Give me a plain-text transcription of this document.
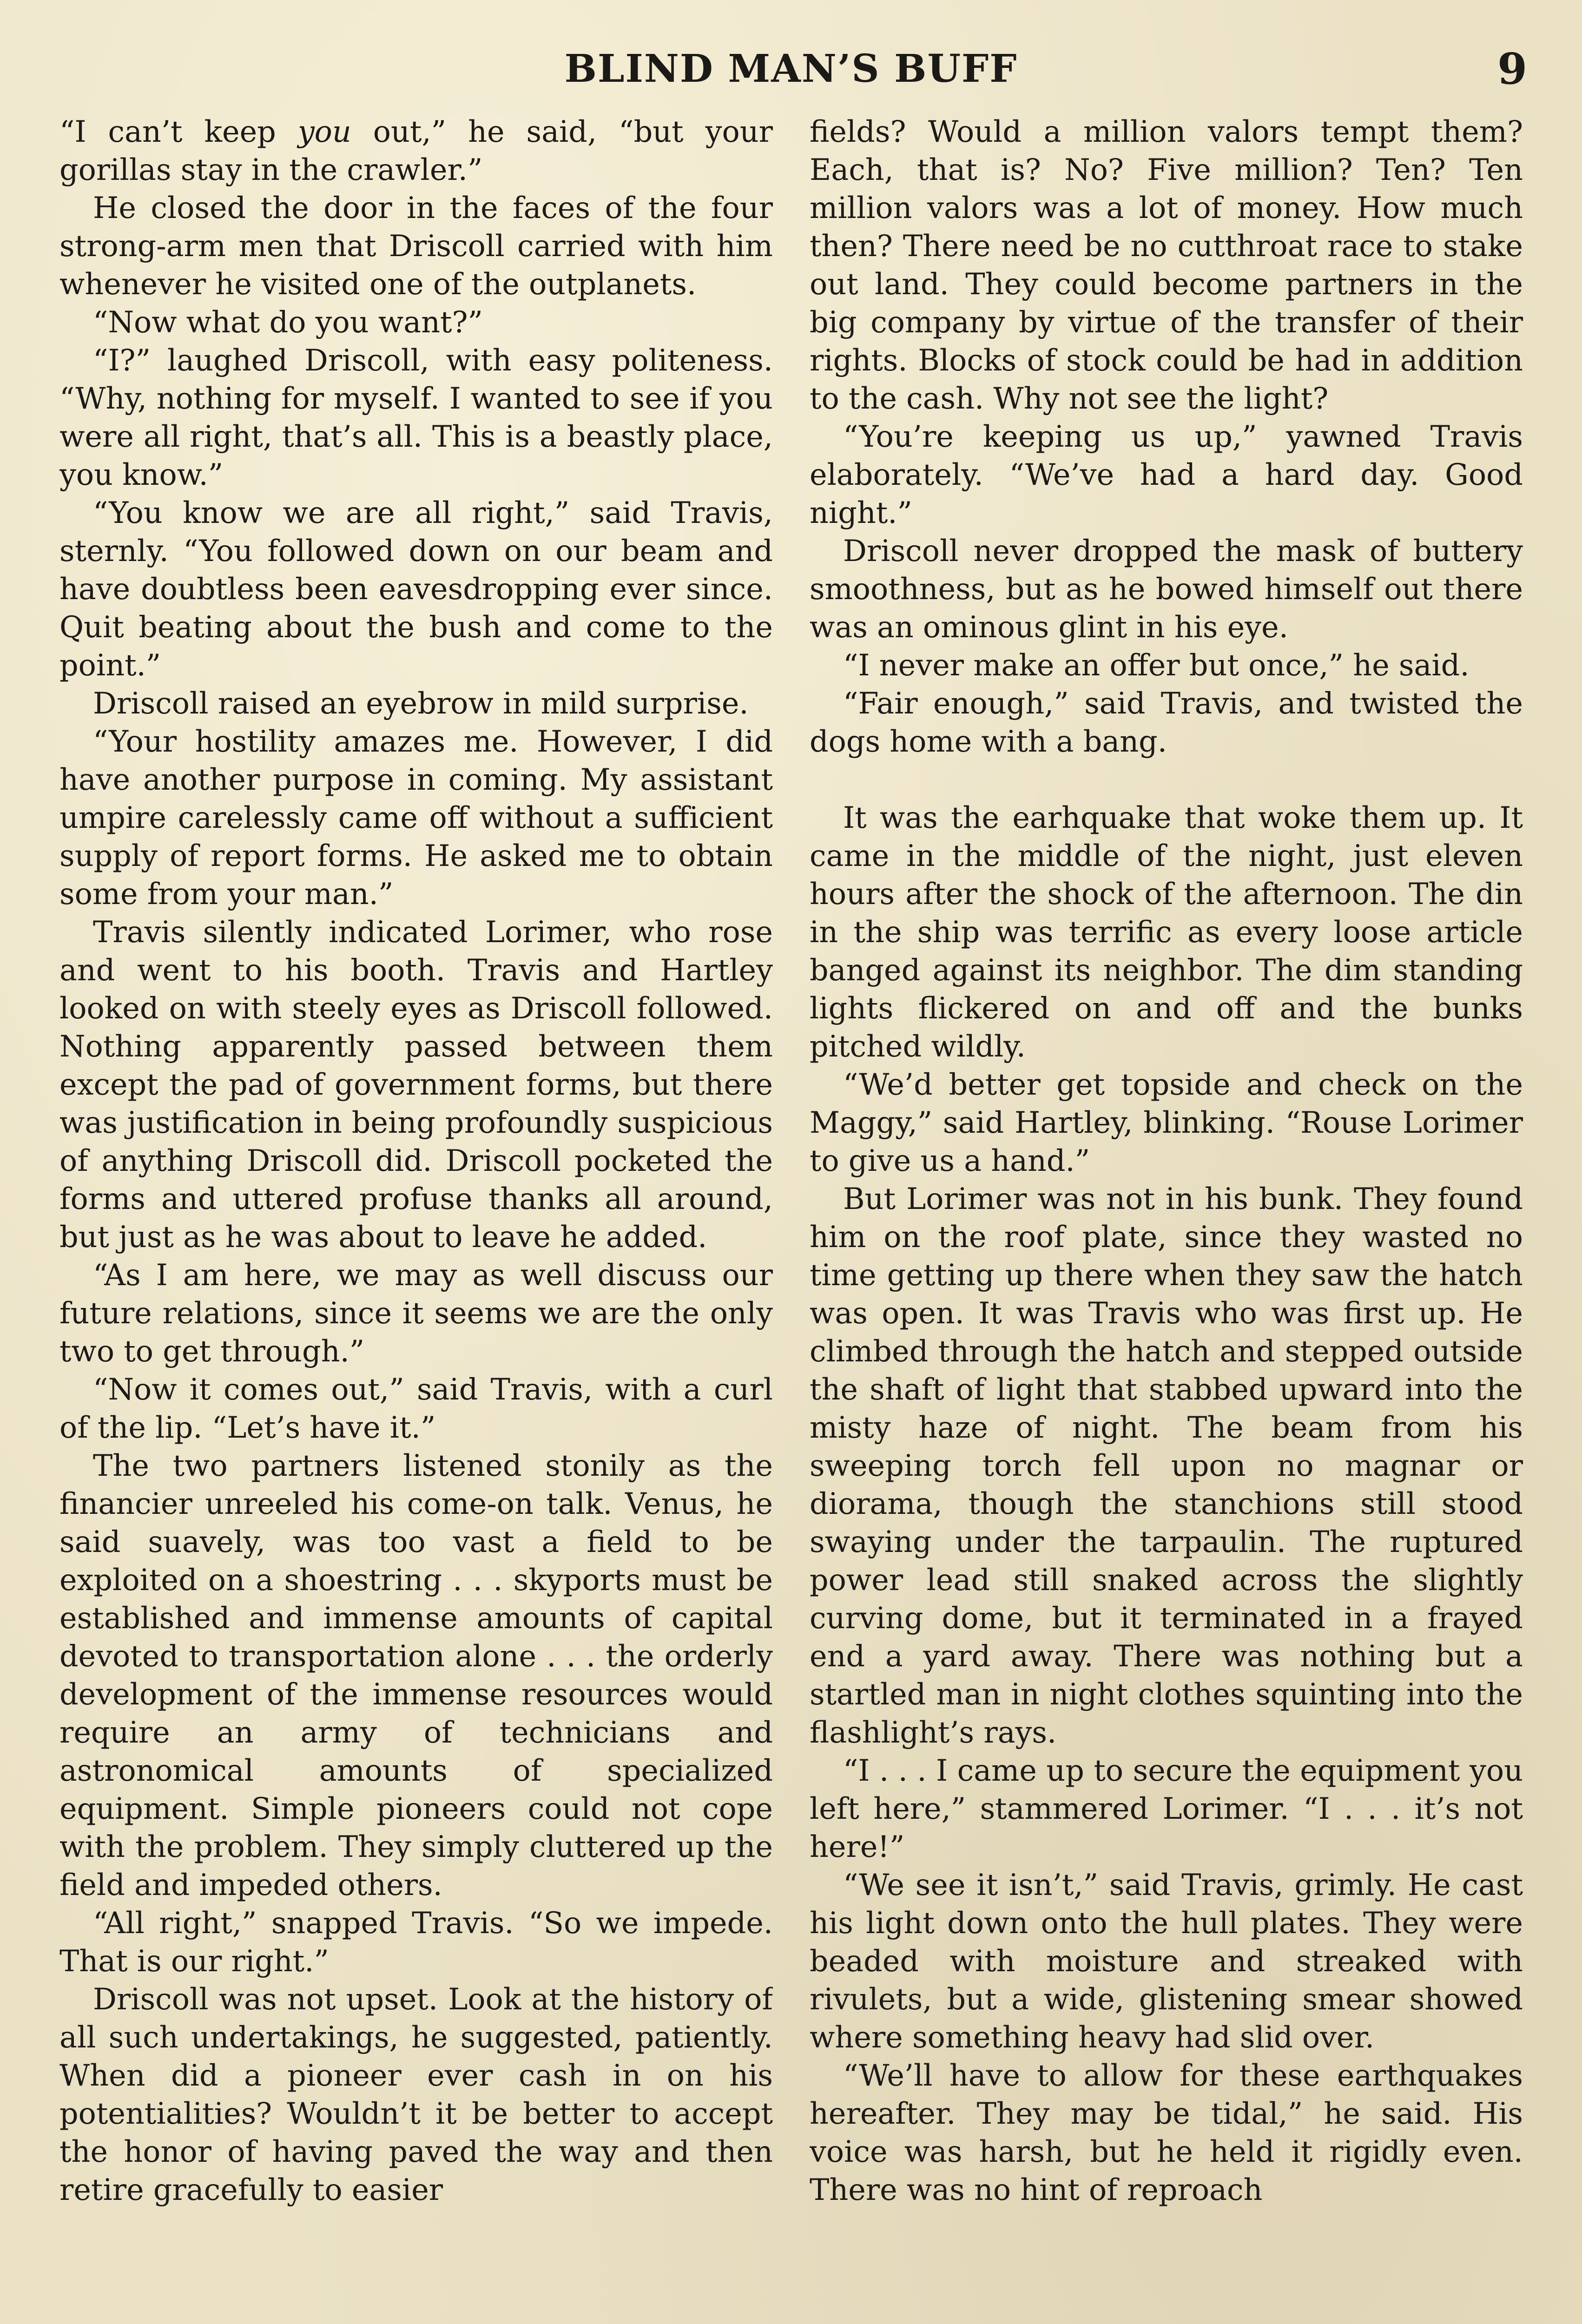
BLIND MAN’S BUFF	9

“I can’t keep you out,” he said, “but your gorillas stay in the crawler.”

He closed the door in the faces of the four strong-arm men that Driscoll carried with him whenever he visited one of the outplanets.

“Now what do you want?”

“I?” laughed Driscoll, with easy politeness. “Why, nothing for myself. I wanted to see if you were all right, that’s all. This is a beastly place, you know.”

“You know we are all right,” said Travis, sternly. “You followed down on our beam and have doubtless been eavesdropping ever since. Quit beating about the bush and come to the point.”

Driscoll raised an eyebrow in mild surprise.

“Your hostility amazes me. However, I did have another purpose in coming. My assistant umpire carelessly came off without a sufficient supply of report forms. He asked me to obtain some from your man.”

Travis silently indicated Lorimer, who rose and went to his booth. Travis and Hartley looked on with steely eyes as Driscoll followed. Nothing apparently passed between them except the pad of government forms, but there was justification in being profoundly suspicious of anything Driscoll did. Driscoll pocketed the forms and uttered profuse thanks all around, but just as he was about to leave he added.

“As I am here, we may as well discuss our future relations, since it seems we are the only two to get through.”

“Now it comes out,” said Travis, with a curl of the lip. “Let’s have it.”

The two partners listened stonily as the financier unreeled his come-on talk. Venus, he said suavely, was too vast a field to be exploited on a shoestring . . . skyports must be established and immense amounts of capital devoted to transportation alone . . . the orderly development of the immense resources would require an army of technicians and astronomical amounts of specialized equipment. Simple pioneers could not cope with the problem. They simply cluttered up the field and impeded others.

“All right,” snapped Travis. “So we impede. That is our right.”

Driscoll was not upset. Look at the history of all such undertakings, he suggested, patiently. When did a pioneer ever cash in on his potentialities? Wouldn’t it be better to accept the honor of having paved the way and then retire gracefully to easier

fields? Would a million valors tempt them? Each, that is? No? Five million? Ten? Ten million valors was a lot of money. How much then? There need be no cutthroat race to stake out land. They could become partners in the big company by virtue of the transfer of their rights. Blocks of stock could be had in addition to the cash. Why not see the light?

“You’re keeping us up,” yawned Travis elaborately. “We’ve had a hard day. Good night.”

Driscoll never dropped the mask of buttery smoothness, but as he bowed himself out there was an ominous glint in his eye.

“I never make an offer but once,” he said.

“Fair enough,” said Travis, and twisted the dogs home with a bang.

It was the earhquake that woke them up. It came in the middle of the night, just eleven hours after the shock of the afternoon. The din in the ship was terrific as every loose article banged against its neighbor. The dim standing lights flickered on and off and the bunks pitched wildly.

“We’d better get topside and check on the Maggy,” said Hartley, blinking. “Rouse Lorimer to give us a hand.”

But Lorimer was not in his bunk. They found him on the roof plate, since they wasted no time getting up there when they saw the hatch was open. It was Travis who was first up. He climbed through the hatch and stepped outside the shaft of light that stabbed upward into the misty haze of night. The beam from his sweeping torch fell upon no magnar or diorama, though the stanchions still stood swaying under the tarpaulin. The ruptured power lead still snaked across the slightly curving dome, but it terminated in a frayed end a yard away. There was nothing but a startled man in night clothes squinting into the flashlight’s rays.

“I . . . I came up to secure the equipment you left here,” stammered Lorimer. “I . . . it’s not here!”

“We see it isn’t,” said Travis, grimly. He cast his light down onto the hull plates. They were beaded with moisture and streaked with rivulets, but a wide, glistening smear showed where something heavy had slid over.

“We’ll have to allow for these earthquakes hereafter. They may be tidal,” he said. His voice was harsh, but he held it rigidly even. There was no hint of reproach
